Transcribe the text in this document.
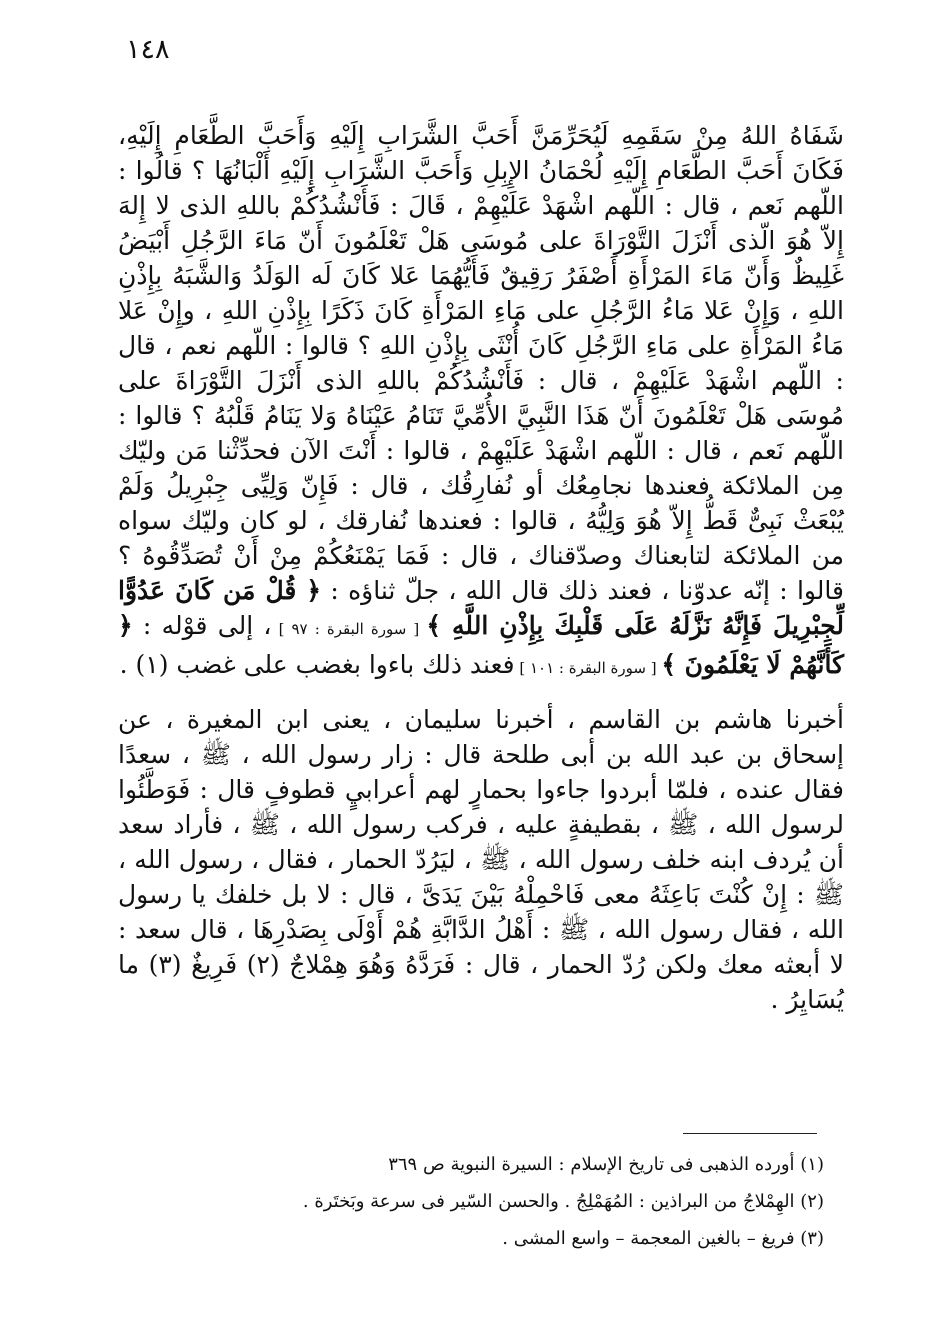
١٤٨

شَفَاهُ اللهُ مِنْ سَقَمِهِ لَيُحَرِّمَنَّ أَحَبَّ الشَّرَابِ إِلَيْهِ وَأَحَبَّ الطَّعَامِ إِلَيْهِ، فَكَانَ أَحَبَّ الطَّعَامِ إِلَيْهِ لُحْمَانُ الإِبِلِ وَأَحَبَّ الشَّرَابِ إِلَيْهِ أَلْبَانُهَا ؟ قالُوا : اللّهم نَعم ، قال : اللّهم اشْهَدْ عَلَيْهِمْ ، قَالَ : فَأَنْشُدُكُمْ باللهِ الذى لا إِلهَ إِلاّ هُوَ الّذى أَنْزَلَ التَّوْرَاةَ على مُوسَى هَلْ تَعْلَمُونَ أَنّ مَاءَ الرَّجُلِ أَبْيَضُ غَلِيظٌ وَأَنّ مَاءَ المَرْأَةِ أَصْفَرُ رَقِيقٌ فَأَيُّهُمَا عَلا كَانَ لَه الوَلَدُ وَالشَّبَهُ بِإِذْنِ اللهِ ، وَإِنْ عَلا مَاءُ الرَّجُلِ على مَاءِ المَرْأَةِ كَانَ ذَكَرًا بِإِذْنِ اللهِ ، وإِنْ عَلا مَاءُ المَرْأَةِ على مَاءِ الرَّجُلِ كَانَ أُنْثَى بِإِذْنِ اللهِ ؟ قالوا : اللّهم نعم ، قال : اللّهم اشْهَدْ عَلَيْهِمْ ، قال : فَأَنْشُدُكُمْ باللهِ الذى أَنْزَلَ التَّوْرَاةَ على مُوسَى هَلْ تَعْلَمُونَ أَنّ هَذَا النَّبِيَّ الأُمِّيَّ تَنَامُ عَيْنَاهُ وَلا يَنَامُ قَلْبُهُ ؟ قالوا : اللّهم نَعم ، قال : اللّهم اشْهَدْ عَلَيْهِمْ ، قالوا : أَنْتَ الآن فحدِّثْنا مَن وليّك مِن الملائكة فعندها نجامِعُك أو نُفارِقُك ، قال : فَإِنّ وَلِيِّى جِبْرِيلُ وَلَمْ يُبْعَثْ نَبِىٌّ قَطُّ إِلاّ هُوَ وَلِيُّهُ ، قالوا : فعندها نُفارقك ، لو كان وليّك سواه من الملائكة لتابعناك وصدّقناك ، قال : فَمَا يَمْنَعُكُمْ مِنْ أَنْ تُصَدِّقُوهُ ؟ قالوا : إنّه عدوّنا ، فعند ذلك قال الله ، جلّ ثناؤه : ﴿ قُلْ مَن كَانَ عَدُوًّا لِّجِبْرِيلَ فَإِنَّهُ نَزَّلَهُ عَلَى قَلْبِكَ بِإِذْنِ اللَّهِ ﴾ [ سورة البقرة : ٩٧ ] ، إلى قوْله : ﴿ كَأَنَّهُمْ لَا يَعْلَمُونَ ﴾ [ سورة البقرة : ١٠١ ] فعند ذلك باءوا بغضب على غضب (١) .

أخبرنا هاشم بن القاسم ، أخبرنا سليمان ، يعنى ابن المغيرة ، عن إسحاق بن عبد الله بن أبى طلحة قال : زار رسول الله ، ﷺ ، سعدًا فقال عنده ، فلمّا أبردوا جاءوا بحمارٍ لهم أعرابيٍ قطوفٍ قال : فَوَطَّئُوا لرسول الله ، ﷺ ، بقطيفةٍ عليه ، فركب رسول الله ، ﷺ ، فأراد سعد أن يُردف ابنه خلف رسول الله ، ﷺ ، ليَرُدّ الحمار ، فقال ، رسول الله ، ﷺ : إِنْ كُنْتَ بَاعِثَهُ معى فَاحْمِلْهُ بَيْنَ يَدَىَّ ، قال : لا بل خلفك يا رسول الله ، فقال رسول الله ، ﷺ : أَهْلُ الدَّابَّةِ هُمْ أَوْلَى بِصَدْرِهَا ، قال سعد : لا أبعثه معك ولكن رُدّ الحمار ، قال : فَرَدَّهُ وَهُوَ هِمْلاجٌ (٢) فَرِيغٌ (٣) ما يُسَايِرُ .

(١) أورده الذهبى فى تاريخ الإسلام : السيرة النبوية ص ٣٦٩
(٢) الهِمْلاجُ من البراذين : المُهَمْلِجُ . والحسن السّير فى سرعة وبَختَرة .
(٣) فريغ – بالغين المعجمة – واسع المشى .
